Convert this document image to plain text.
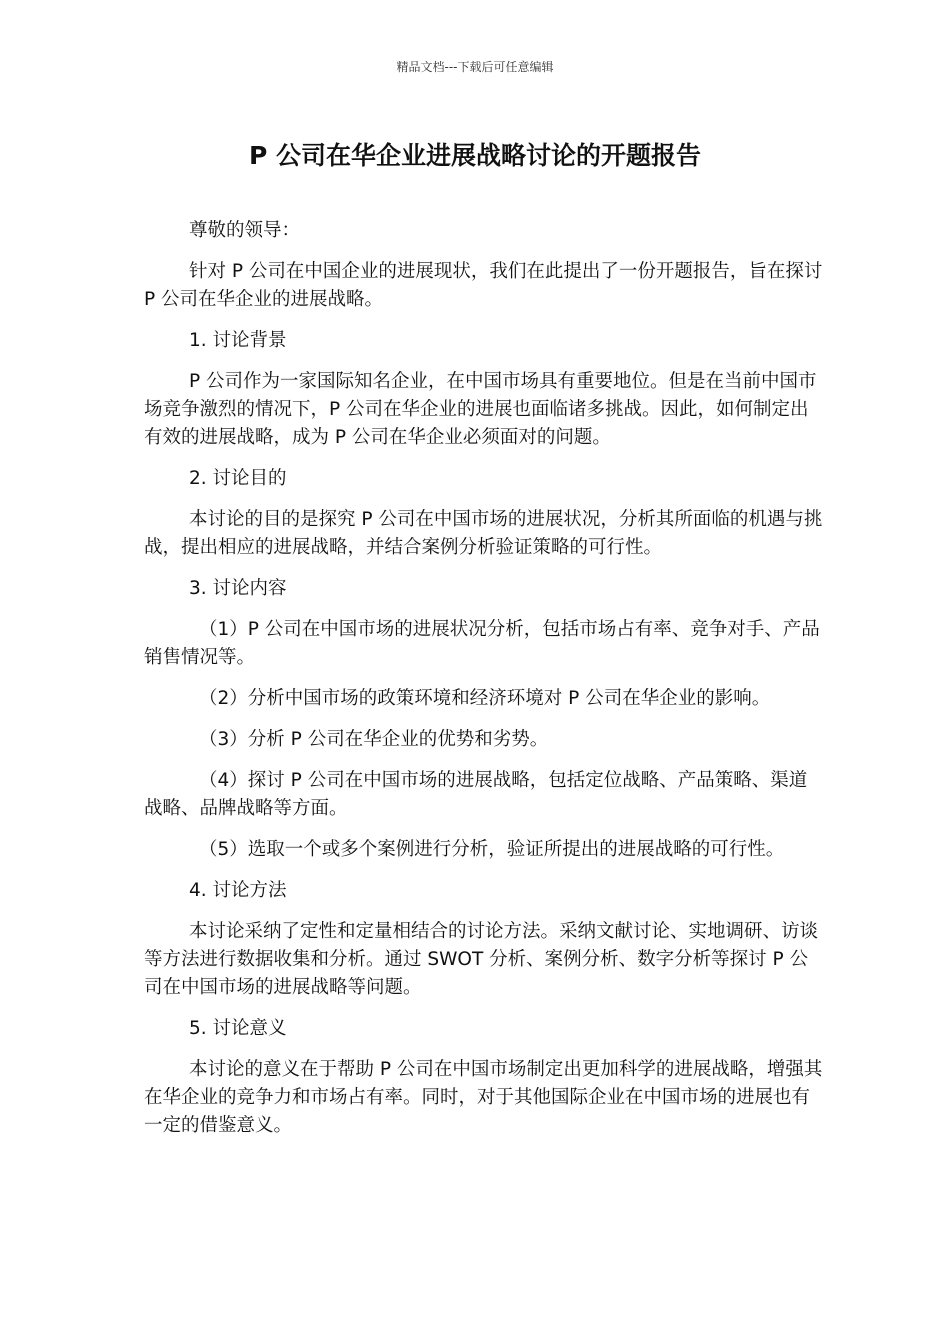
精品文档---下载后可任意编辑
P 公司在华企业进展战略讨论的开题报告

尊敬的领导：

针对 P 公司在中国企业的进展现状，我们在此提出了一份开题报告，旨在探讨 P 公司在华企业的进展战略。

1. 讨论背景

P 公司作为一家国际知名企业，在中国市场具有重要地位。但是在当前中国市场竞争激烈的情况下，P 公司在华企业的进展也面临诸多挑战。因此，如何制定出有效的进展战略，成为 P 公司在华企业必须面对的问题。

2. 讨论目的

本讨论的目的是探究 P 公司在中国市场的进展状况，分析其所面临的机遇与挑战，提出相应的进展战略，并结合案例分析验证策略的可行性。

3. 讨论内容

（1）P 公司在中国市场的进展状况分析，包括市场占有率、竞争对手、产品销售情况等。

（2）分析中国市场的政策环境和经济环境对 P 公司在华企业的影响。

（3）分析 P 公司在华企业的优势和劣势。

（4）探讨 P 公司在中国市场的进展战略，包括定位战略、产品策略、渠道战略、品牌战略等方面。

（5）选取一个或多个案例进行分析，验证所提出的进展战略的可行性。

4. 讨论方法

本讨论采纳了定性和定量相结合的讨论方法。采纳文献讨论、实地调研、访谈等方法进行数据收集和分析。通过 SWOT 分析、案例分析、数字分析等探讨 P 公司在中国市场的进展战略等问题。

5. 讨论意义

本讨论的意义在于帮助 P 公司在中国市场制定出更加科学的进展战略，增强其在华企业的竞争力和市场占有率。同时，对于其他国际企业在中国市场的进展也有一定的借鉴意义。
